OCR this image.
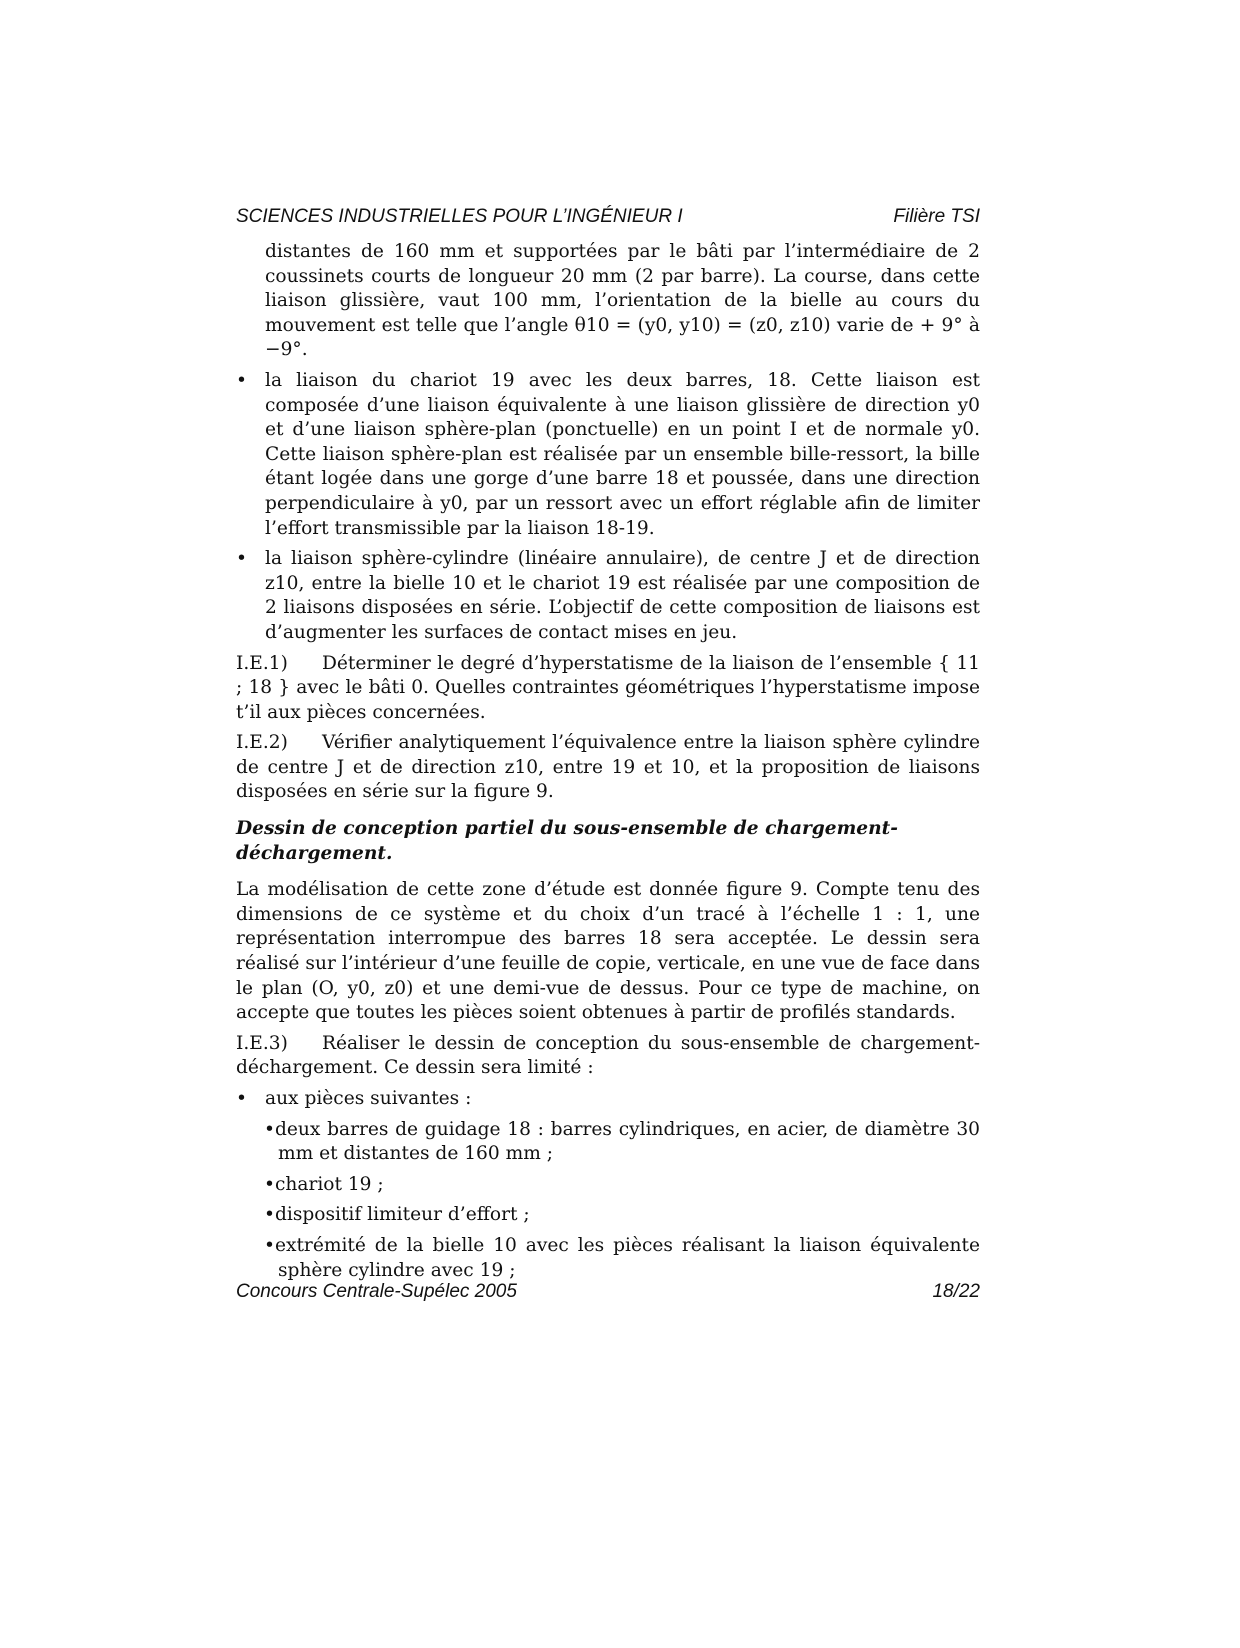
SCIENCES INDUSTRIELLES POUR L’INGÉNIEUR I	Filière TSI

distantes de 160 mm et supportées par le bâti par l’intermédiaire de 2 coussinets courts de longueur 20 mm (2 par barre). La course, dans cette liaison glissière, vaut 100 mm, l’orientation de la bielle au cours du mouvement est telle que l’angle θ10 = (y0, y10) = (z0, z10) varie de + 9° à −9°.

• la liaison du chariot 19 avec les deux barres, 18. Cette liaison est composée d’une liaison équivalente à une liaison glissière de direction y0 et d’une liaison sphère-plan (ponctuelle) en un point I et de normale y0. Cette liaison sphère-plan est réalisée par un ensemble bille-ressort, la bille étant logée dans une gorge d’une barre 18 et poussée, dans une direction perpendiculaire à y0, par un ressort avec un effort réglable afin de limiter l’effort transmissible par la liaison 18-19.
• la liaison sphère-cylindre (linéaire annulaire), de centre J et de direction z10, entre la bielle 10 et le chariot 19 est réalisée par une composition de 2 liaisons disposées en série. L’objectif de cette composition de liaisons est d’augmenter les surfaces de contact mises en jeu.

I.E.1) Déterminer le degré d’hyperstatisme de la liaison de l’ensemble { 11 ; 18 } avec le bâti 0. Quelles contraintes géométriques l’hyperstatisme impose t’il aux pièces concernées.

I.E.2) Vérifier analytiquement l’équivalence entre la liaison sphère cylindre de centre J et de direction z10, entre 19 et 10, et la proposition de liaisons disposées en série sur la figure 9.

Dessin de conception partiel du sous-ensemble de chargement-déchargement.

La modélisation de cette zone d’étude est donnée figure 9. Compte tenu des dimensions de ce système et du choix d’un tracé à l’échelle 1 : 1, une représentation interrompue des barres 18 sera acceptée. Le dessin sera réalisé sur l’intérieur d’une feuille de copie, verticale, en une vue de face dans le plan (O, y0, z0) et une demi-vue de dessus. Pour ce type de machine, on accepte que toutes les pièces soient obtenues à partir de profilés standards.

I.E.3) Réaliser le dessin de conception du sous-ensemble de chargement-déchargement. Ce dessin sera limité :

• aux pièces suivantes :

•deux barres de guidage 18 : barres cylindriques, en acier, de diamètre 30 mm et distantes de 160 mm ;

•chariot 19 ;

•dispositif limiteur d’effort ;

•extrémité de la bielle 10 avec les pièces réalisant la liaison équivalente sphère cylindre avec 19 ;

Concours Centrale-Supélec 2005	18/22
